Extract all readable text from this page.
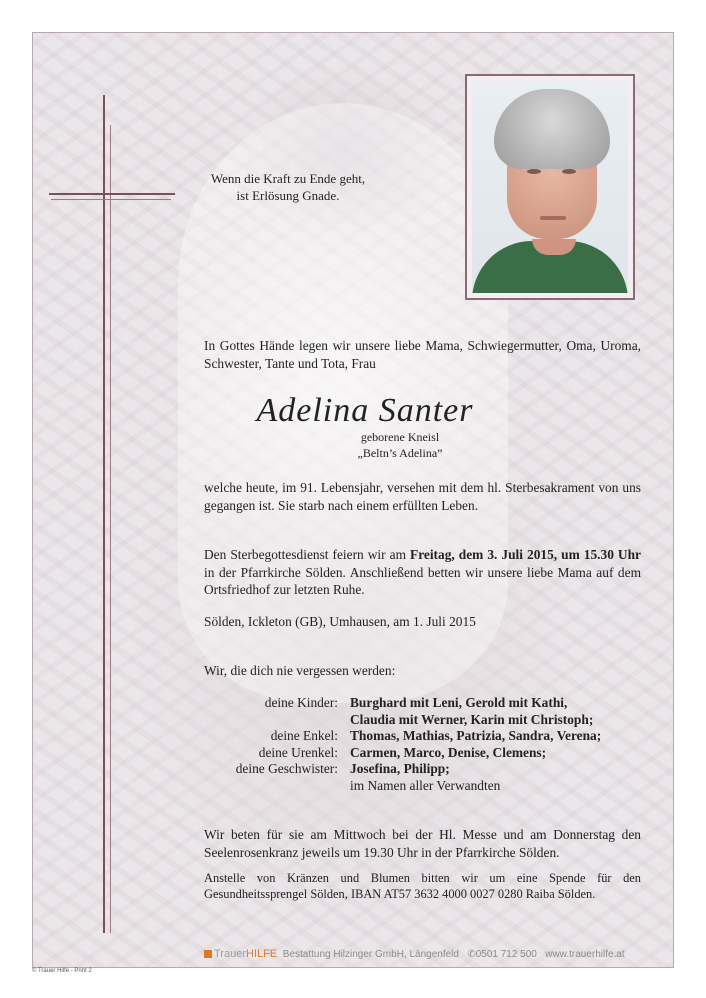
Wenn die Kraft zu Ende geht,
ist Erlösung Gnade.
In Gottes Hände legen wir unsere liebe Mama, Schwiegermutter, Oma, Uroma, Schwester, Tante und Tota, Frau
Adelina Santer
geborene Kneisl
„Beltn’s Adelina”
welche heute, im 91. Lebensjahr, versehen mit dem hl. Sterbesakrament von uns gegangen ist. Sie starb nach einem erfüllten Leben.
Den Sterbegottesdienst feiern wir am Freitag, dem 3. Juli 2015, um 15.30 Uhr in der Pfarrkirche Sölden. Anschließend betten wir unsere liebe Mama auf dem Ortsfriedhof zur letzten Ruhe.
Sölden, Ickleton (GB), Umhausen, am 1. Juli 2015
Wir, die dich nie vergessen werden:
deine Kinder:

deine Enkel:
deine Urenkel:
deine Geschwister:
Burghard mit Leni, Gerold mit Kathi,
Claudia mit Werner, Karin mit Christoph;
Thomas, Mathias, Patrizia, Sandra, Verena;
Carmen, Marco, Denise, Clemens;
Josefina, Philipp;
im Namen aller Verwandten
Wir beten für sie am Mittwoch bei der Hl. Messe und am Donnerstag den Seelenrosenkranz jeweils um 19.30 Uhr in der Pfarrkirche Sölden.
Anstelle von Kränzen und Blumen bitten wir um eine Spende für den Gesundheitssprengel Sölden, IBAN AT57 3632 4000 0027 0280 Raiba Sölden.
TrauerHILFE Bestattung Hilzinger GmbH, Längenfeld ✆0501 712 500 www.trauerhilfe.at
© Trauer Hilfe - Print 2
